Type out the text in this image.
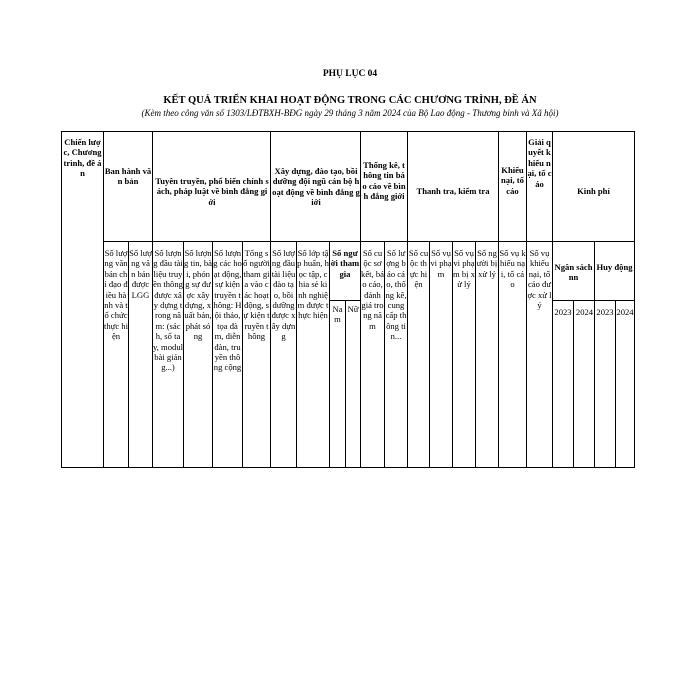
PHỤ LỤC 04
KẾT QUẢ TRIỂN KHAI HOẠT ĐỘNG TRONG CÁC CHƯƠNG TRÌNH, ĐỀ ÁN
(Kèm theo công văn số 1303/LĐTBXH-BĐG ngày 29 tháng 3 năm 2024 của Bộ Lao động - Thương binh và Xã hội)
Chiến lược, Chương trình, đề án	Ban hành văn bản	Tuyên truyền, phổ biến chính sách, pháp luật về bình đẳng giới
Xây dựng, đào tạo, bồi dưỡng đội ngũ cán bộ hoạt động về bình đẳng giới
Thống kê, thông tin báo cáo về bình đẳng giới
Thanh tra, kiểm tra
Khiếu nại, tố cáo
Giải quyết khiếu nại, tố cáo
Kinh phí
Số lượng văn bản chỉ đạo điều hành và tổ chức thực hiện
Số lượng văn bản được LGG
Số lượng đầu tài liệu truyền thông được xây dựng trong năm: (sách, sổ tay, modul bài giảng...)
Số lượng tin, bài, phóng sự được xây dựng, xuất bản, phát sóng
Số lượng các hoạt động, sự kiện truyền thông: Hội thảo, tọa đàm, diễn đàn, truyền thông cộng
Tổng số người tham gia vào các hoạt động, sự kiện truyền thông
Số lượng đầu tài liệu đào tạo, bồi dưỡng được xây dựng
Số lớp tập huấn, học tập, chia sẻ kinh nghiệm được thực hiện
Số người tham gia
Nam
Nữ
Số cuộc sơ kết, báo cáo, đánh giá trong năm
Số lượng báo cáo, thống kê, cung cấp thông tin...
Số cuộc thực hiện
Số vụ vi phạm
Số vụ vi phạm bị xử lý
Số người bị xử lý
Số vụ khiếu nại, tố cáo
Số vụ khiếu nại, tố cáo được xử lý
Ngân sách nn
Huy động
2023 2024 2023 2024
